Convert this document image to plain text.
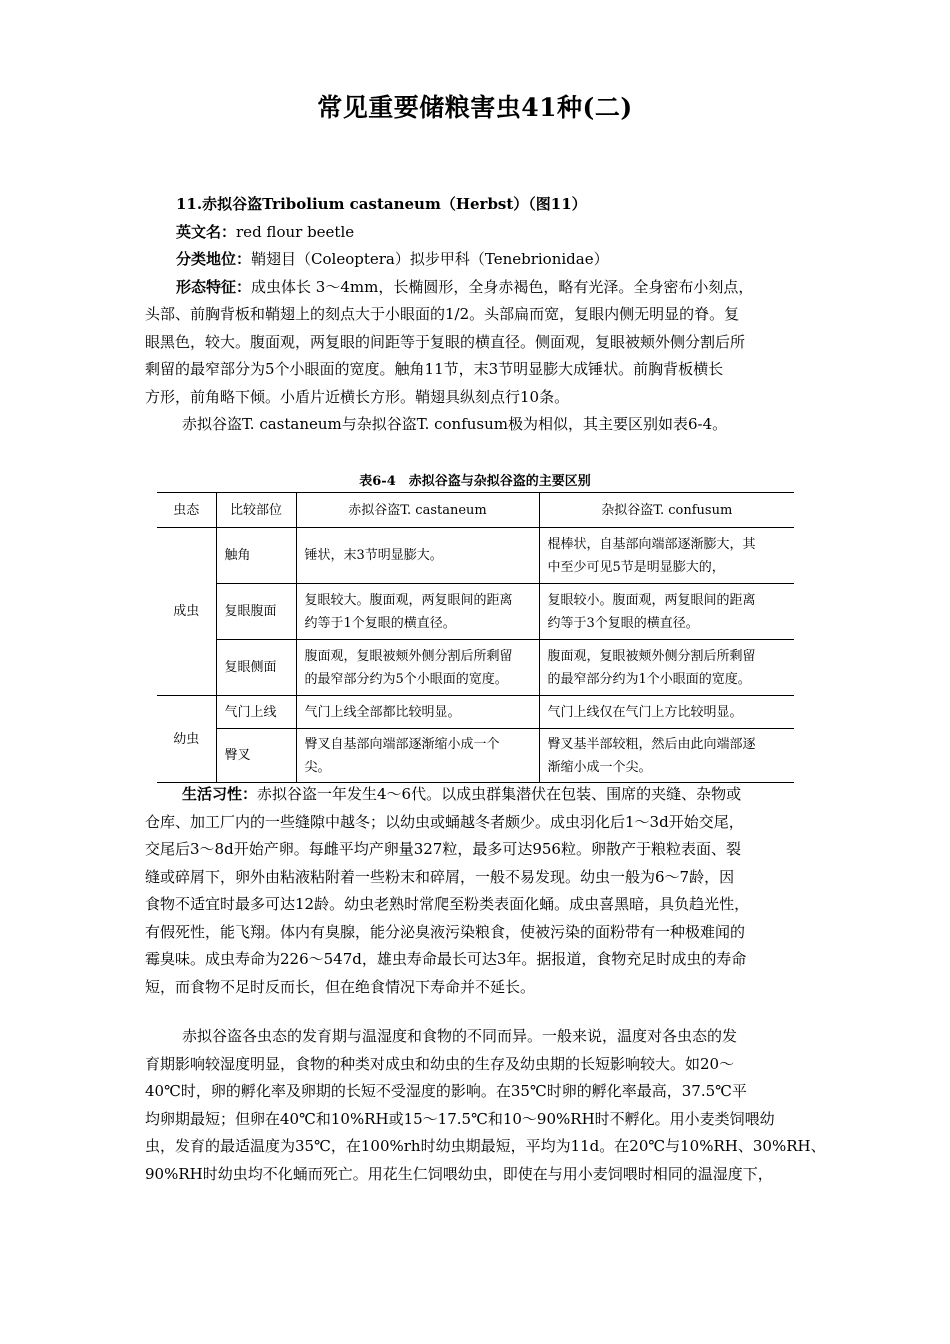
常见重要储粮害虫41种(二)
11.赤拟谷盗Tribolium castaneum（Herbst）（图11）
英文名：red flour beetle
分类地位：鞘翅目（Coleoptera）拟步甲科（Tenebrionidae）
形态特征：成虫体长 3～4mm，长椭圆形，全身赤褐色，略有光泽。全身密布小刻点，
头部、前胸背板和鞘翅上的刻点大于小眼面的1/2。头部扁而宽，复眼内侧无明显的脊。复
眼黑色，较大。腹面观，两复眼的间距等于复眼的横直径。侧面观，复眼被颊外侧分割后所
剩留的最窄部分为5个小眼面的宽度。触角11节，末3节明显膨大成锤状。前胸背板横长
方形，前角略下倾。小盾片近横长方形。鞘翅具纵刻点行10条。
赤拟谷盗T. castaneum与杂拟谷盗T. confusum极为相似，其主要区别如表6-4。
表6-4　赤拟谷盗与杂拟谷盗的主要区别
虫态	比较部位	赤拟谷盗T. castaneum	杂拟谷盗T. confusum
成虫	触角	锤状，末3节明显膨大。	棍棒状，自基部向端部逐渐膨大，其
中至少可见5节是明显膨大的，

	复眼腹面	复眼较大。腹面观，两复眼间的距离
约等于1个复眼的横直径。	复眼较小。腹面观，两复眼间的距离
约等于3个复眼的横直径。

	复眼侧面	腹面观，复眼被颊外侧分割后所剩留
的最窄部分约为5个小眼面的宽度。	腹面观，复眼被颊外侧分割后所剩留
的最窄部分约为1个小眼面的宽度。

幼虫	气门上线	气门上线全部都比较明显。	气门上线仅在气门上方比较明显。

	臀叉	臀叉自基部向端部逐渐缩小成一个
尖。	臀叉基半部较粗，然后由此向端部逐
渐缩小成一个尖。
生活习性：赤拟谷盗一年发生4～6代。以成虫群集潜伏在包装、围席的夹缝、杂物或
仓库、加工厂内的一些缝隙中越冬；以幼虫或蛹越冬者颇少。成虫羽化后1～3d开始交尾，
交尾后3～8d开始产卵。每雌平均产卵量327粒，最多可达956粒。卵散产于粮粒表面、裂
缝或碎屑下，卵外由粘液粘附着一些粉末和碎屑，一般不易发现。幼虫一般为6～7龄，因
食物不适宜时最多可达12龄。幼虫老熟时常爬至粉类表面化蛹。成虫喜黑暗，具负趋光性，
有假死性，能飞翔。体内有臭腺，能分泌臭液污染粮食，使被污染的面粉带有一种极难闻的
霉臭味。成虫寿命为226～547d，雄虫寿命最长可达3年。据报道，食物充足时成虫的寿命
短，而食物不足时反而长，但在绝食情况下寿命并不延长。
赤拟谷盗各虫态的发育期与温湿度和食物的不同而异。一般来说，温度对各虫态的发
育期影响较湿度明显，食物的种类对成虫和幼虫的生存及幼虫期的长短影响较大。如20～
40℃时，卵的孵化率及卵期的长短不受湿度的影响。在35℃时卵的孵化率最高，37.5℃平
均卵期最短；但卵在40℃和10%RH或15～17.5℃和10～90%RH时不孵化。用小麦类饲喂幼
虫，发育的最适温度为35℃，在100%rh时幼虫期最短，平均为11d。在20℃与10%RH、30%RH、
90%RH时幼虫均不化蛹而死亡。用花生仁饲喂幼虫，即使在与用小麦饲喂时相同的温湿度下，
